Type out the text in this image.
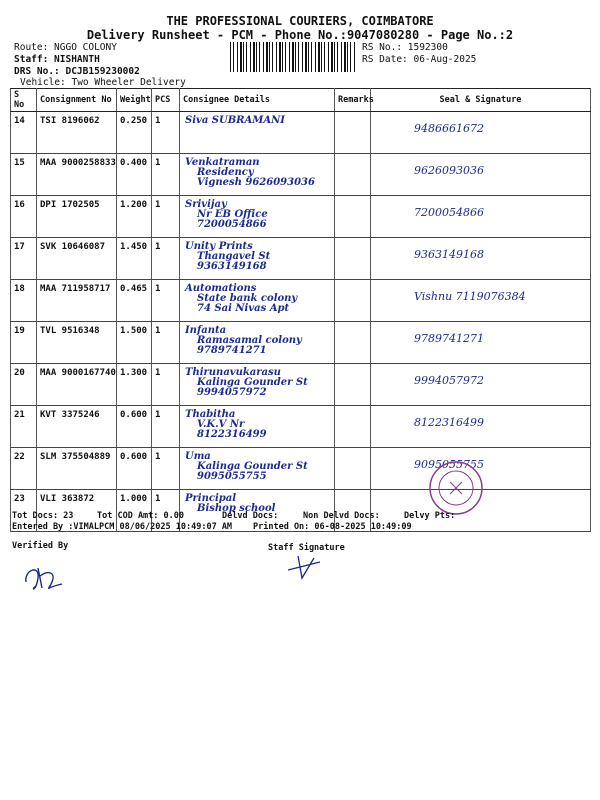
THE PROFESSIONAL COURIERS, COIMBATORE
Delivery Runsheet - PCM - Phone No.:9047080280 - Page No.:2
Route: NGGO COLONY
Staff: NISHANTH
DRS No.: DCJB159230002
Vehicle: Two Wheeler Delivery
RS No.: 1592300
RS Date: 06-Aug-2025
S No	Consignment No	Weight	PCS	Consignee Details	Remarks	Seal & Signature
14	TSI 8196062	0.250	1	Siva SUBRAMANI		9486661672

15	MAA 9000258833	0.400	1	Venkatraman
Residency
Vignesh 9626093036		9626093036

16	DPI 1702505	1.200	1	Srivijay
Nr EB Office
7200054866		7200054866

17	SVK 10646087	1.450	1	Unity Prints
Thangavel St
9363149168		9363149168

18	MAA 711958717	0.465	1	Automations
State bank colony
74 Sai Nivas Apt		Vishnu 7119076384

19	TVL 9516348	1.500	1	Infanta
Ramasamal colony
9789741271		9789741271

20	MAA 9000167740	1.300	1	Thirunavukarasu
Kalinga Gounder St
9994057972		9994057972

21	KVT 3375246	0.600	1	Thabitha
V.K.V Nr
8122316499		8122316499

22	SLM 375504889	0.600	1	Uma
Kalinga Gounder St
9095055755		9095055755

23	VLI 363872	1.000	1	Principal
Bishop school		

Tot Docs: 23	Tot COD Amt: 0.00	Delvd Docs:	Non Delvd Docs:	Delvy Pts:
Entered By :VIMALPCM 08/06/2025 10:49:07 AM Printed On: 06-08-2025 10:49:09
Verified By	Staff Signature
